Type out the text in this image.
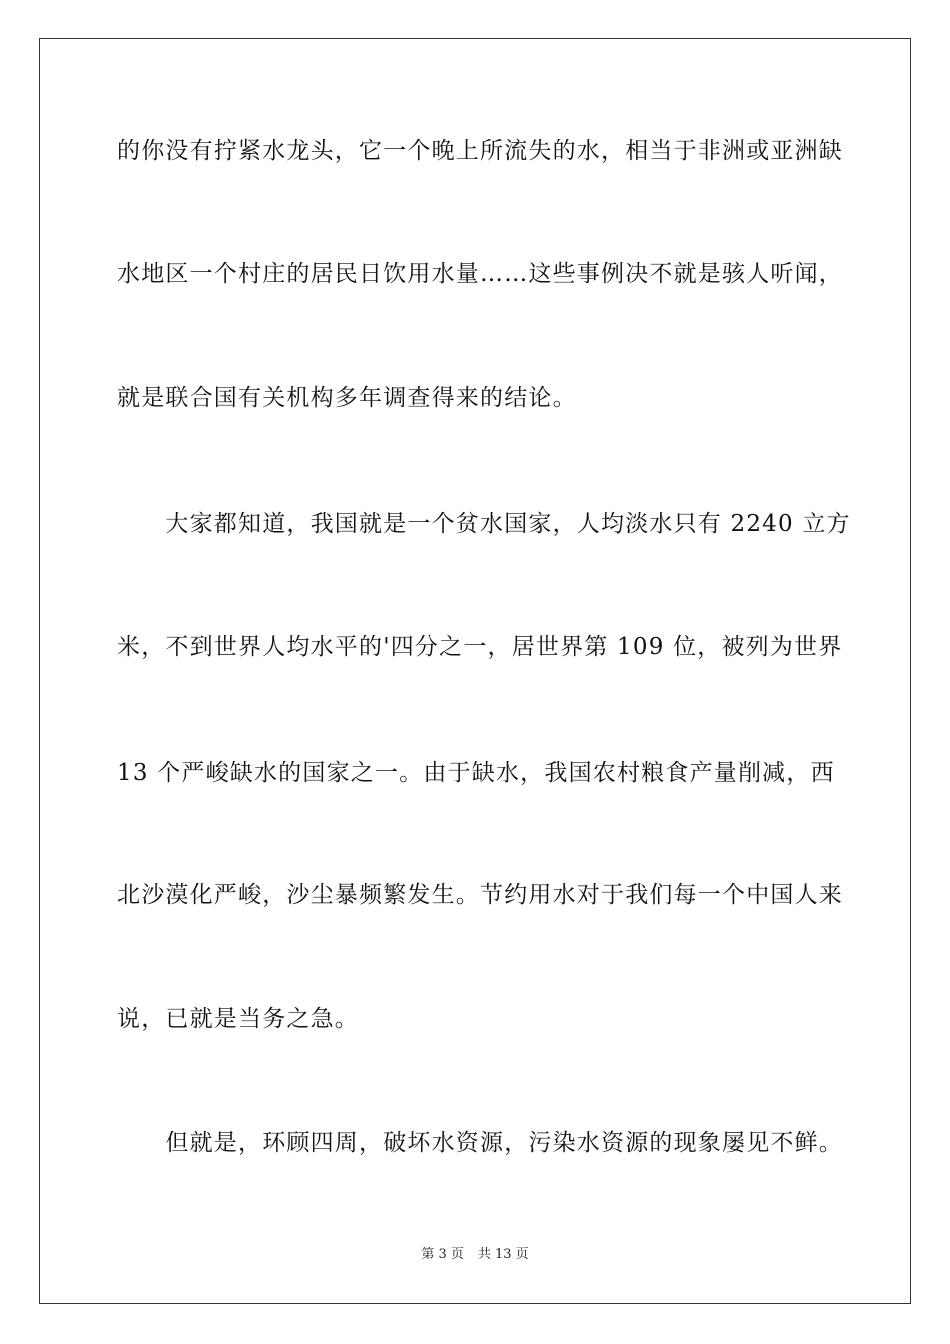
的你没有拧紧水龙头，它一个晚上所流失的水，相当于非洲或亚洲缺
水地区一个村庄的居民日饮用水量……这些事例决不就是骇人听闻，
就是联合国有关机构多年调查得来的结论。
　　大家都知道，我国就是一个贫水国家，人均淡水只有 2240 立方
米，不到世界人均水平的'四分之一，居世界第 109 位，被列为世界
13 个严峻缺水的国家之一。由于缺水，我国农村粮食产量削减，西
北沙漠化严峻，沙尘暴频繁发生。节约用水对于我们每一个中国人来
说，已就是当务之急。
　　但就是，环顾四周，破坏水资源，污染水资源的现象屡见不鲜。
第 3 页 共 13 页
